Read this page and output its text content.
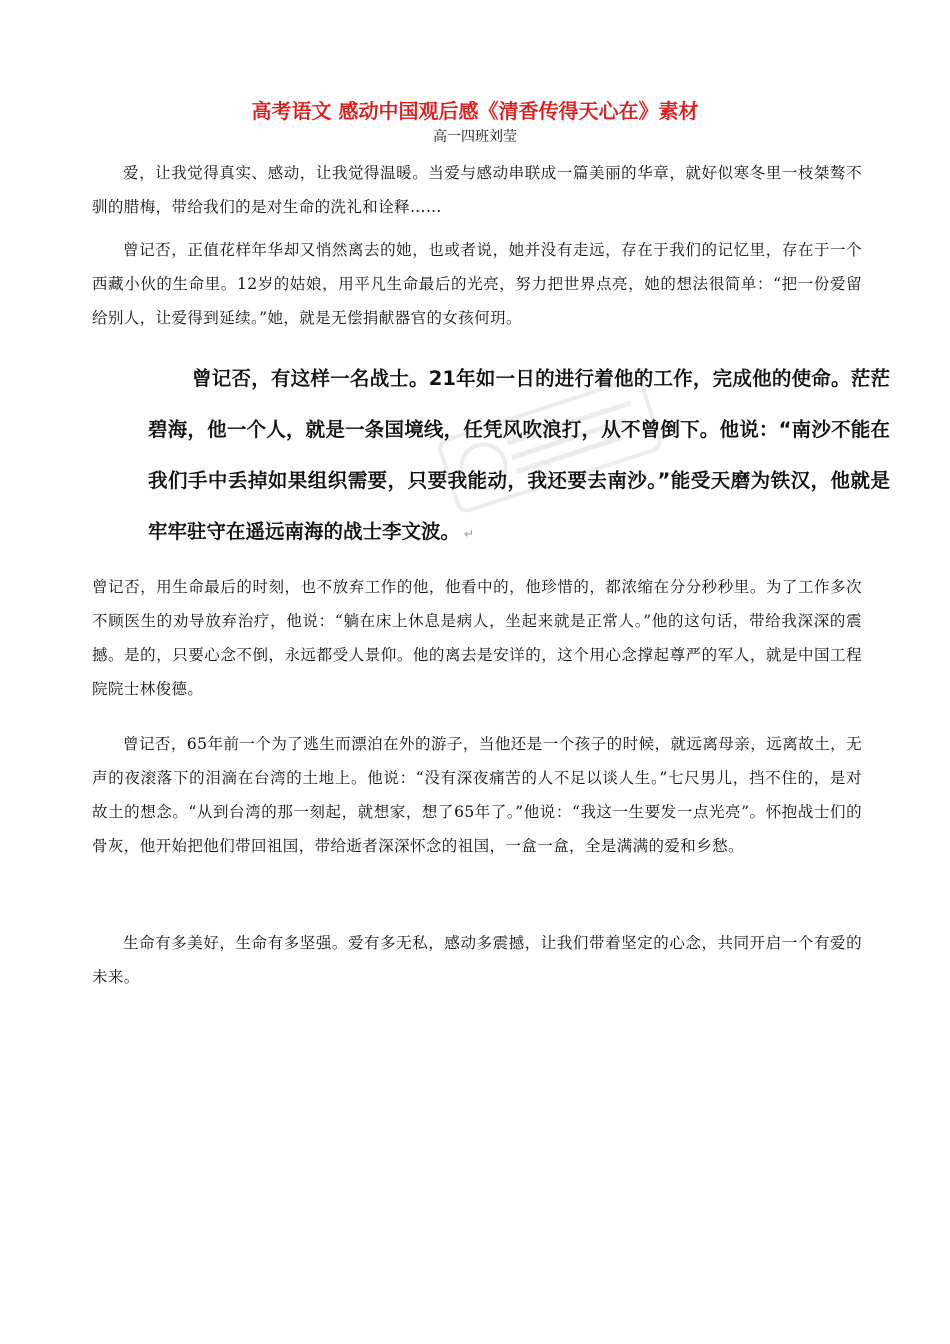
高考语文 感动中国观后感《清香传得天心在》素材
高一四班刘莹
爱，让我觉得真实、感动，让我觉得温暖。当爱与感动串联成一篇美丽的华章，就好似寒冬里一枝桀骜不驯的腊梅，带给我们的是对生命的洗礼和诠释……
曾记否，正值花样年华却又悄然离去的她，也或者说，她并没有走远，存在于我们的记忆里，存在于一个西藏小伙的生命里。12岁的姑娘，用平凡生命最后的光亮，努力把世界点亮，她的想法很简单：“把一份爱留给别人，让爱得到延续。”她，就是无偿捐献器官的女孩何玥。
曾记否，有这样一名战士。21年如一日的进行着他的工作，完成他的使命。茫茫碧海，他一个人，就是一条国境线，任凭风吹浪打，从不曾倒下。他说：“南沙不能在我们手中丢掉如果组织需要，只要我能动，我还要去南沙。”能受天磨为铁汉，他就是牢牢驻守在遥远南海的战士李文波。 ↵
曾记否，用生命最后的时刻，也不放弃工作的他，他看中的，他珍惜的，都浓缩在分分秒秒里。为了工作多次不顾医生的劝导放弃治疗，他说：“躺在床上休息是病人，坐起来就是正常人。”他的这句话，带给我深深的震撼。是的，只要心念不倒，永远都受人景仰。他的离去是安详的，这个用心念撑起尊严的军人，就是中国工程院院士林俊德。
曾记否，65年前一个为了逃生而漂泊在外的游子，当他还是一个孩子的时候，就远离母亲，远离故土，无声的夜滚落下的泪滴在台湾的土地上。他说：“没有深夜痛苦的人不足以谈人生。”七尺男儿，挡不住的，是对故土的想念。“从到台湾的那一刻起，就想家，想了65年了。”他说：“我这一生要发一点光亮”。怀抱战士们的骨灰，他开始把他们带回祖国，带给逝者深深怀念的祖国，一盒一盒，全是满满的爱和乡愁。
生命有多美好，生命有多坚强。爱有多无私，感动多震撼，让我们带着坚定的心念，共同开启一个有爱的未来。
